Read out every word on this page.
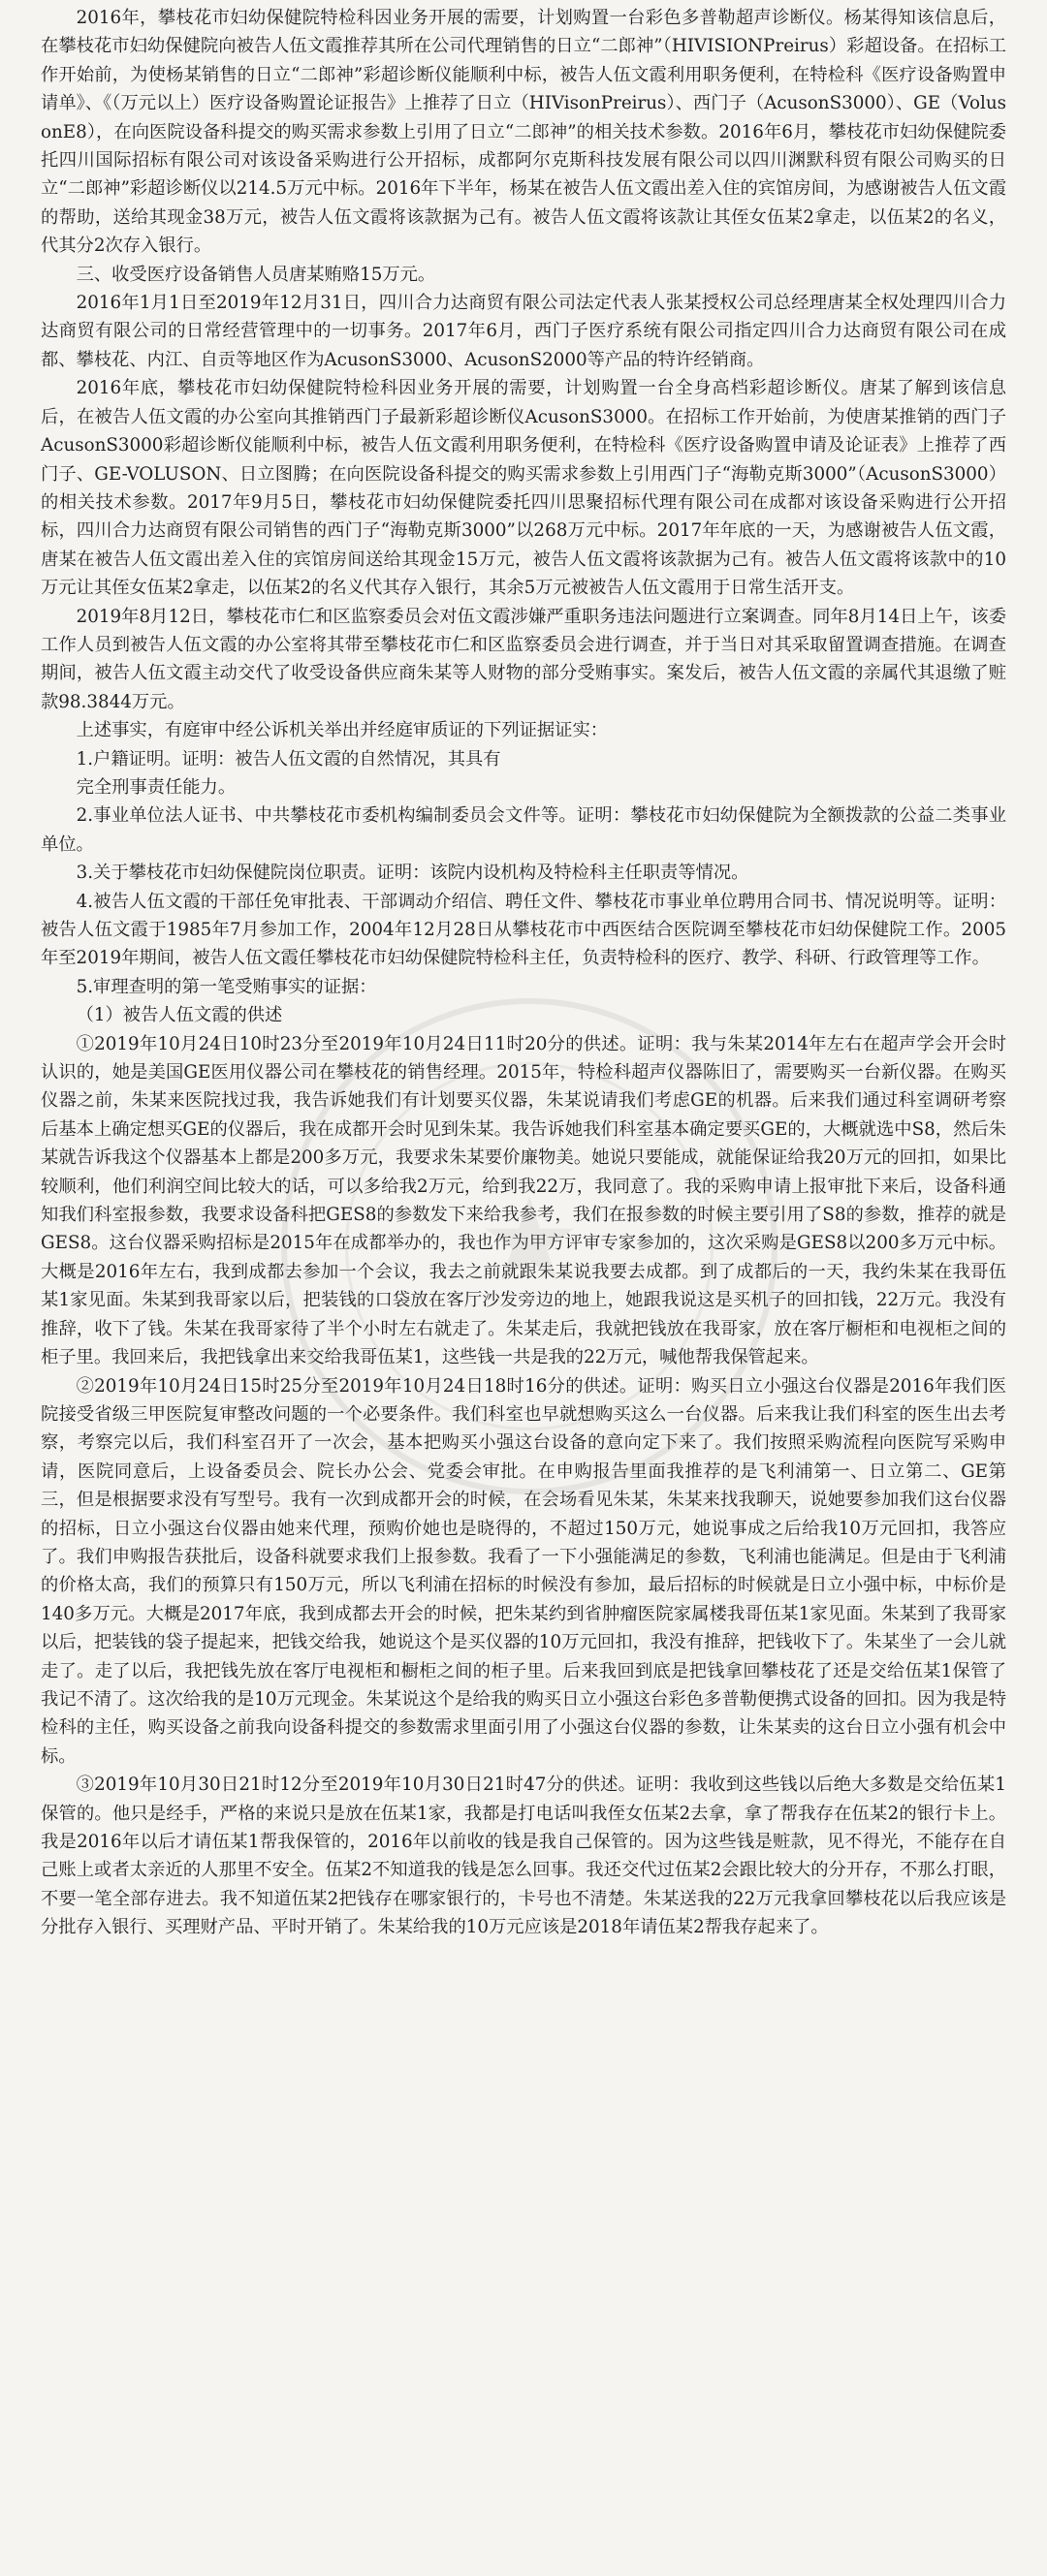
★

2016年，攀枝花市妇幼保健院特检科因业务开展的需要，计划购置一台彩色多普勒超声诊断仪。杨某得知该信息后，在攀枝花市妇幼保健院向被告人伍文霞推荐其所在公司代理销售的日立“二郎神”（HIVISIONPreirus）彩超设备。在招标工作开始前，为使杨某销售的日立“二郎神”彩超诊断仪能顺利中标，被告人伍文霞利用职务便利，在特检科《医疗设备购置申请单》、《（万元以上）医疗设备购置论证报告》上推荐了日立（HIVisonPreirus）、西门子（AcusonS3000）、GE（VolusonE8），在向医院设备科提交的购买需求参数上引用了日立“二郎神”的相关技术参数。2016年6月，攀枝花市妇幼保健院委托四川国际招标有限公司对该设备采购进行公开招标，成都阿尔克斯科技发展有限公司以四川渊默科贸有限公司购买的日立“二郎神”彩超诊断仪以214.5万元中标。2016年下半年，杨某在被告人伍文霞出差入住的宾馆房间，为感谢被告人伍文霞的帮助，送给其现金38万元，被告人伍文霞将该款据为己有。被告人伍文霞将该款让其侄女伍某2拿走，以伍某2的名义，代其分2次存入银行。

三、收受医疗设备销售人员唐某贿赂15万元。

2016年1月1日至2019年12月31日，四川合力达商贸有限公司法定代表人张某授权公司总经理唐某全权处理四川合力达商贸有限公司的日常经营管理中的一切事务。2017年6月，西门子医疗系统有限公司指定四川合力达商贸有限公司在成都、攀枝花、内江、自贡等地区作为AcusonS3000、AcusonS2000等产品的特许经销商。

2016年底，攀枝花市妇幼保健院特检科因业务开展的需要，计划购置一台全身高档彩超诊断仪。唐某了解到该信息后，在被告人伍文霞的办公室向其推销西门子最新彩超诊断仪AcusonS3000。在招标工作开始前，为使唐某推销的西门子AcusonS3000彩超诊断仪能顺利中标，被告人伍文霞利用职务便利，在特检科《医疗设备购置申请及论证表》上推荐了西门子、GE-VOLUSON、日立图腾；在向医院设备科提交的购买需求参数上引用西门子“海勒克斯3000”（AcusonS3000）的相关技术参数。2017年9月5日，攀枝花市妇幼保健院委托四川思聚招标代理有限公司在成都对该设备采购进行公开招标，四川合力达商贸有限公司销售的西门子“海勒克斯3000”以268万元中标。2017年年底的一天，为感谢被告人伍文霞，唐某在被告人伍文霞出差入住的宾馆房间送给其现金15万元，被告人伍文霞将该款据为己有。被告人伍文霞将该款中的10万元让其侄女伍某2拿走，以伍某2的名义代其存入银行，其余5万元被被告人伍文霞用于日常生活开支。

2019年8月12日，攀枝花市仁和区监察委员会对伍文霞涉嫌严重职务违法问题进行立案调查。同年8月14日上午，该委工作人员到被告人伍文霞的办公室将其带至攀枝花市仁和区监察委员会进行调查，并于当日对其采取留置调查措施。在调查期间，被告人伍文霞主动交代了收受设备供应商朱某等人财物的部分受贿事实。案发后，被告人伍文霞的亲属代其退缴了赃款98.3844万元。

上述事实，有庭审中经公诉机关举出并经庭审质证的下列证据证实：

1.户籍证明。证明：被告人伍文霞的自然情况，其具有

完全刑事责任能力。

2.事业单位法人证书、中共攀枝花市委机构编制委员会文件等。证明：攀枝花市妇幼保健院为全额拨款的公益二类事业单位。

3.关于攀枝花市妇幼保健院岗位职责。证明：该院内设机构及特检科主任职责等情况。

4.被告人伍文霞的干部任免审批表、干部调动介绍信、聘任文件、攀枝花市事业单位聘用合同书、情况说明等。证明：被告人伍文霞于1985年7月参加工作，2004年12月28日从攀枝花市中西医结合医院调至攀枝花市妇幼保健院工作。2005年至2019年期间，被告人伍文霞任攀枝花市妇幼保健院特检科主任，负责特检科的医疗、教学、科研、行政管理等工作。

5.审理查明的第一笔受贿事实的证据：

（1）被告人伍文霞的供述

①2019年10月24日10时23分至2019年10月24日11时20分的供述。证明：我与朱某2014年左右在超声学会开会时认识的，她是美国GE医用仪器公司在攀枝花的销售经理。2015年，特检科超声仪器陈旧了，需要购买一台新仪器。在购买仪器之前，朱某来医院找过我，我告诉她我们有计划要买仪器，朱某说请我们考虑GE的机器。后来我们通过科室调研考察后基本上确定想买GE的仪器后，我在成都开会时见到朱某。我告诉她我们科室基本确定要买GE的，大概就选中S8，然后朱某就告诉我这个仪器基本上都是200多万元，我要求朱某要价廉物美。她说只要能成，就能保证给我20万元的回扣，如果比较顺利，他们利润空间比较大的话，可以多给我2万元，给到我22万，我同意了。我的采购申请上报审批下来后，设备科通知我们科室报参数，我要求设备科把GES8的参数发下来给我参考，我们在报参数的时候主要引用了S8的参数，推荐的就是GES8。这台仪器采购招标是2015年在成都举办的，我也作为甲方评审专家参加的，这次采购是GES8以200多万元中标。大概是2016年左右，我到成都去参加一个会议，我去之前就跟朱某说我要去成都。到了成都后的一天，我约朱某在我哥伍某1家见面。朱某到我哥家以后，把装钱的口袋放在客厅沙发旁边的地上，她跟我说这是买机子的回扣钱，22万元。我没有推辞，收下了钱。朱某在我哥家待了半个小时左右就走了。朱某走后，我就把钱放在我哥家，放在客厅橱柜和电视柜之间的柜子里。我回来后，我把钱拿出来交给我哥伍某1，这些钱一共是我的22万元，喊他帮我保管起来。

②2019年10月24日15时25分至2019年10月24日18时16分的供述。证明：购买日立小强这台仪器是2016年我们医院接受省级三甲医院复审整改问题的一个必要条件。我们科室也早就想购买这么一台仪器。后来我让我们科室的医生出去考察，考察完以后，我们科室召开了一次会，基本把购买小强这台设备的意向定下来了。我们按照采购流程向医院写采购申请，医院同意后，上设备委员会、院长办公会、党委会审批。在申购报告里面我推荐的是飞利浦第一、日立第二、GE第三，但是根据要求没有写型号。我有一次到成都开会的时候，在会场看见朱某，朱某来找我聊天，说她要参加我们这台仪器的招标，日立小强这台仪器由她来代理，预购价她也是晓得的，不超过150万元，她说事成之后给我10万元回扣，我答应了。我们申购报告获批后，设备科就要求我们上报参数。我看了一下小强能满足的参数，飞利浦也能满足。但是由于飞利浦的价格太高，我们的预算只有150万元，所以飞利浦在招标的时候没有参加，最后招标的时候就是日立小强中标，中标价是140多万元。大概是2017年底，我到成都去开会的时候，把朱某约到省肿瘤医院家属楼我哥伍某1家见面。朱某到了我哥家以后，把装钱的袋子提起来，把钱交给我，她说这个是买仪器的10万元回扣，我没有推辞，把钱收下了。朱某坐了一会儿就走了。走了以后，我把钱先放在客厅电视柜和橱柜之间的柜子里。后来我回到底是把钱拿回攀枝花了还是交给伍某1保管了我记不清了。这次给我的是10万元现金。朱某说这个是给我的购买日立小强这台彩色多普勒便携式设备的回扣。因为我是特检科的主任，购买设备之前我向设备科提交的参数需求里面引用了小强这台仪器的参数，让朱某卖的这台日立小强有机会中标。

③2019年10月30日21时12分至2019年10月30日21时47分的供述。证明：我收到这些钱以后绝大多数是交给伍某1保管的。他只是经手，严格的来说只是放在伍某1家，我都是打电话叫我侄女伍某2去拿，拿了帮我存在伍某2的银行卡上。我是2016年以后才请伍某1帮我保管的，2016年以前收的钱是我自己保管的。因为这些钱是赃款，见不得光，不能存在自己账上或者太亲近的人那里不安全。伍某2不知道我的钱是怎么回事。我还交代过伍某2会跟比较大的分开存，不那么打眼，不要一笔全部存进去。我不知道伍某2把钱存在哪家银行的，卡号也不清楚。朱某送我的22万元我拿回攀枝花以后我应该是分批存入银行、买理财产品、平时开销了。朱某给我的10万元应该是2018年请伍某2帮我存起来了。
